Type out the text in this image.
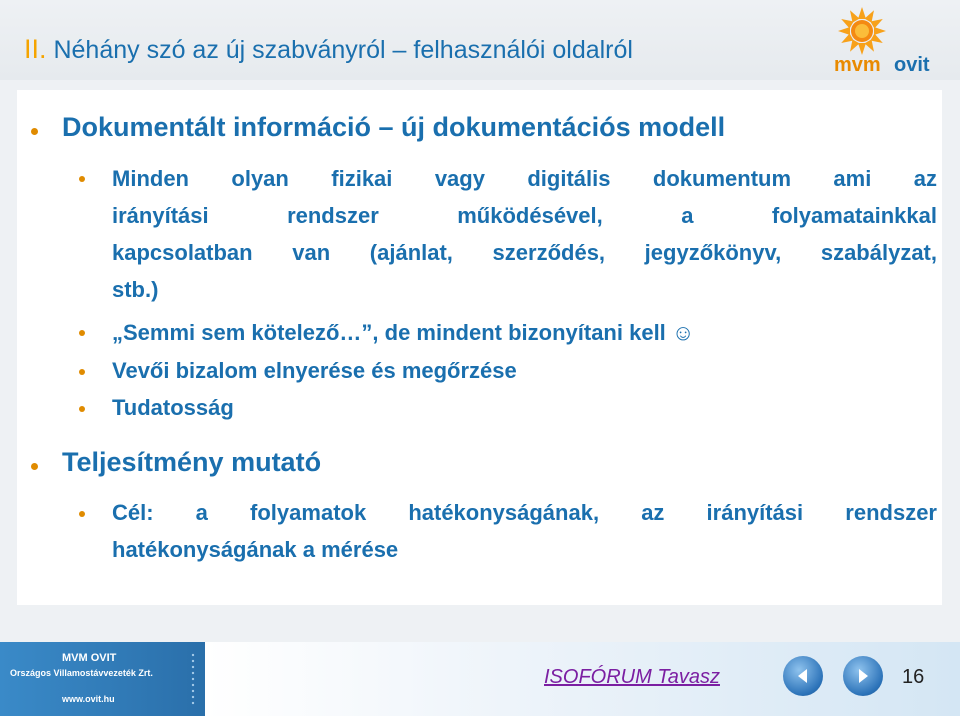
II. Néhány szó az új szabványról – felhasználói oldalról
mvm ovit
Dokumentált információ – új dokumentációs modell
Minden olyan fizikai vagy digitális dokumentum ami az
irányítási rendszer működésével, a folyamatainkkal
kapcsolatban van (ajánlat, szerződés, jegyzőkönyv, szabályzat,
stb.)
„Semmi sem kötelező…”, de mindent bizonyítani kell ☺
Vevői bizalom elnyerése és megőrzése
Tudatosság
Teljesítmény mutató
Cél: a folyamatok hatékonyságának, az irányítási rendszer
hatékonyságának a mérése
MVM OVIT
Országos Villamostávvezeték Zrt.
www.ovit.hu
ISOFÓRUM Tavasz	16
